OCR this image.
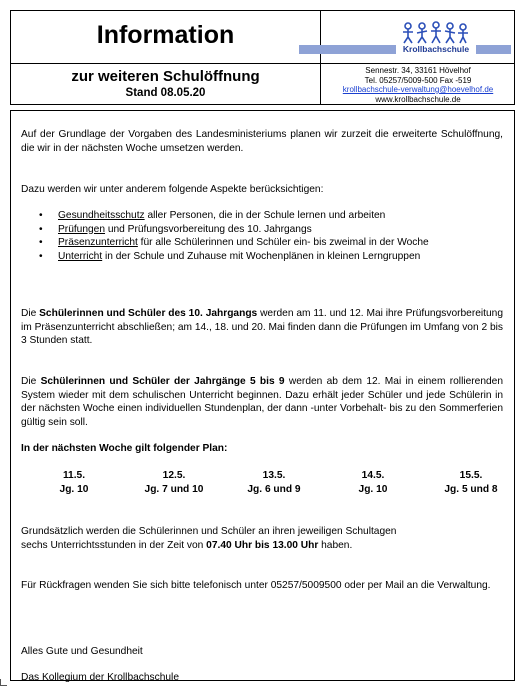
Information
zur weiteren Schulöffnung
Stand 08.05.20
Krollbachschule
Sennestr. 34, 33161 Hövelhof
Tel. 05257/5009-500 Fax -519
krollbachschule-verwaltung@hoevelhof.de
www.krollbachschule.de
Auf der Grundlage der Vorgaben des Landesministeriums planen wir zurzeit die erweiterte Schulöffnung, die wir in der nächsten Woche umsetzen werden.
Dazu werden wir unter anderem folgende Aspekte berücksichtigen:
• Gesundheitsschutz aller Personen, die in der Schule lernen und arbeiten
• Prüfungen und Prüfungsvorbereitung des 10. Jahrgangs
• Präsenzunterricht für alle Schülerinnen und Schüler ein- bis zweimal in der Woche
• Unterricht in der Schule und Zuhause mit Wochenplänen in kleinen Lerngruppen
Die Schülerinnen und Schüler des 10. Jahrgangs werden am 11. und 12. Mai ihre Prüfungsvorbereitung im Präsenzunterricht abschließen; am 14., 18. und 20. Mai finden dann die Prüfungen im Umfang von 2 bis 3 Stunden statt.
Die Schülerinnen und Schüler der Jahrgänge 5 bis 9 werden ab dem 12. Mai in einem rollierenden System wieder mit dem schulischen Unterricht beginnen. Dazu erhält jeder Schüler und jede Schülerin in der nächsten Woche einen individuellen Stundenplan, der dann -unter Vorbehalt- bis zu den Sommerferien gültig sein soll.
In der nächsten Woche gilt folgender Plan:
11.5.
Jg. 10
12.5.
Jg. 7 und 10
13.5.
Jg. 6 und 9
14.5.
Jg. 10
15.5.
Jg. 5 und 8
Grundsätzlich werden die Schülerinnen und Schüler an ihren jeweiligen Schultagen
sechs Unterrichtsstunden in der Zeit von 07.40 Uhr bis 13.00 Uhr haben.
Für Rückfragen wenden Sie sich bitte telefonisch unter 05257/5009500 oder per Mail an die Verwaltung.
Alles Gute und Gesundheit
Das Kollegium der Krollbachschule
